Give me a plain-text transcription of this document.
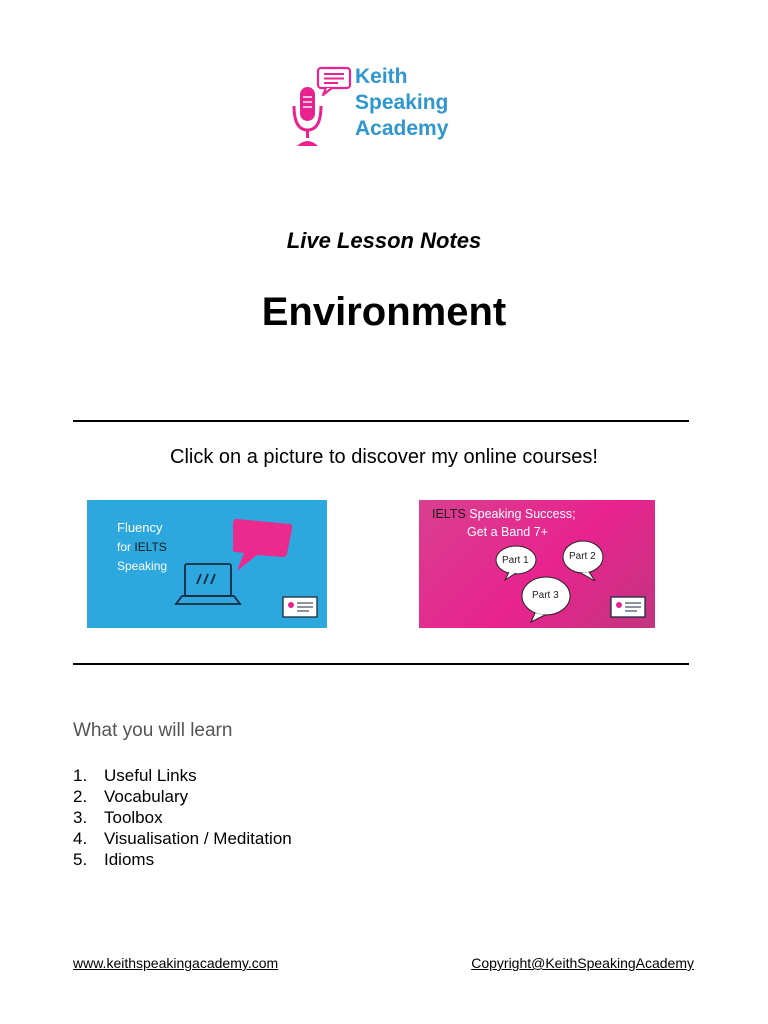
Keith
Speaking
Academy
Live Lesson Notes
Environment
Click on a picture to discover my online courses!
Fluency
for IELTS
Speaking
IELTS Speaking Success;
Get a Band 7+
Part 1	Part 2
Part 3
What you will learn
1. Useful Links
2. Vocabulary
3. Toolbox
4. Visualisation / Meditation
5. Idioms
www.keithspeakingacademy.com	Copyright@KeithSpeakingAcademy
